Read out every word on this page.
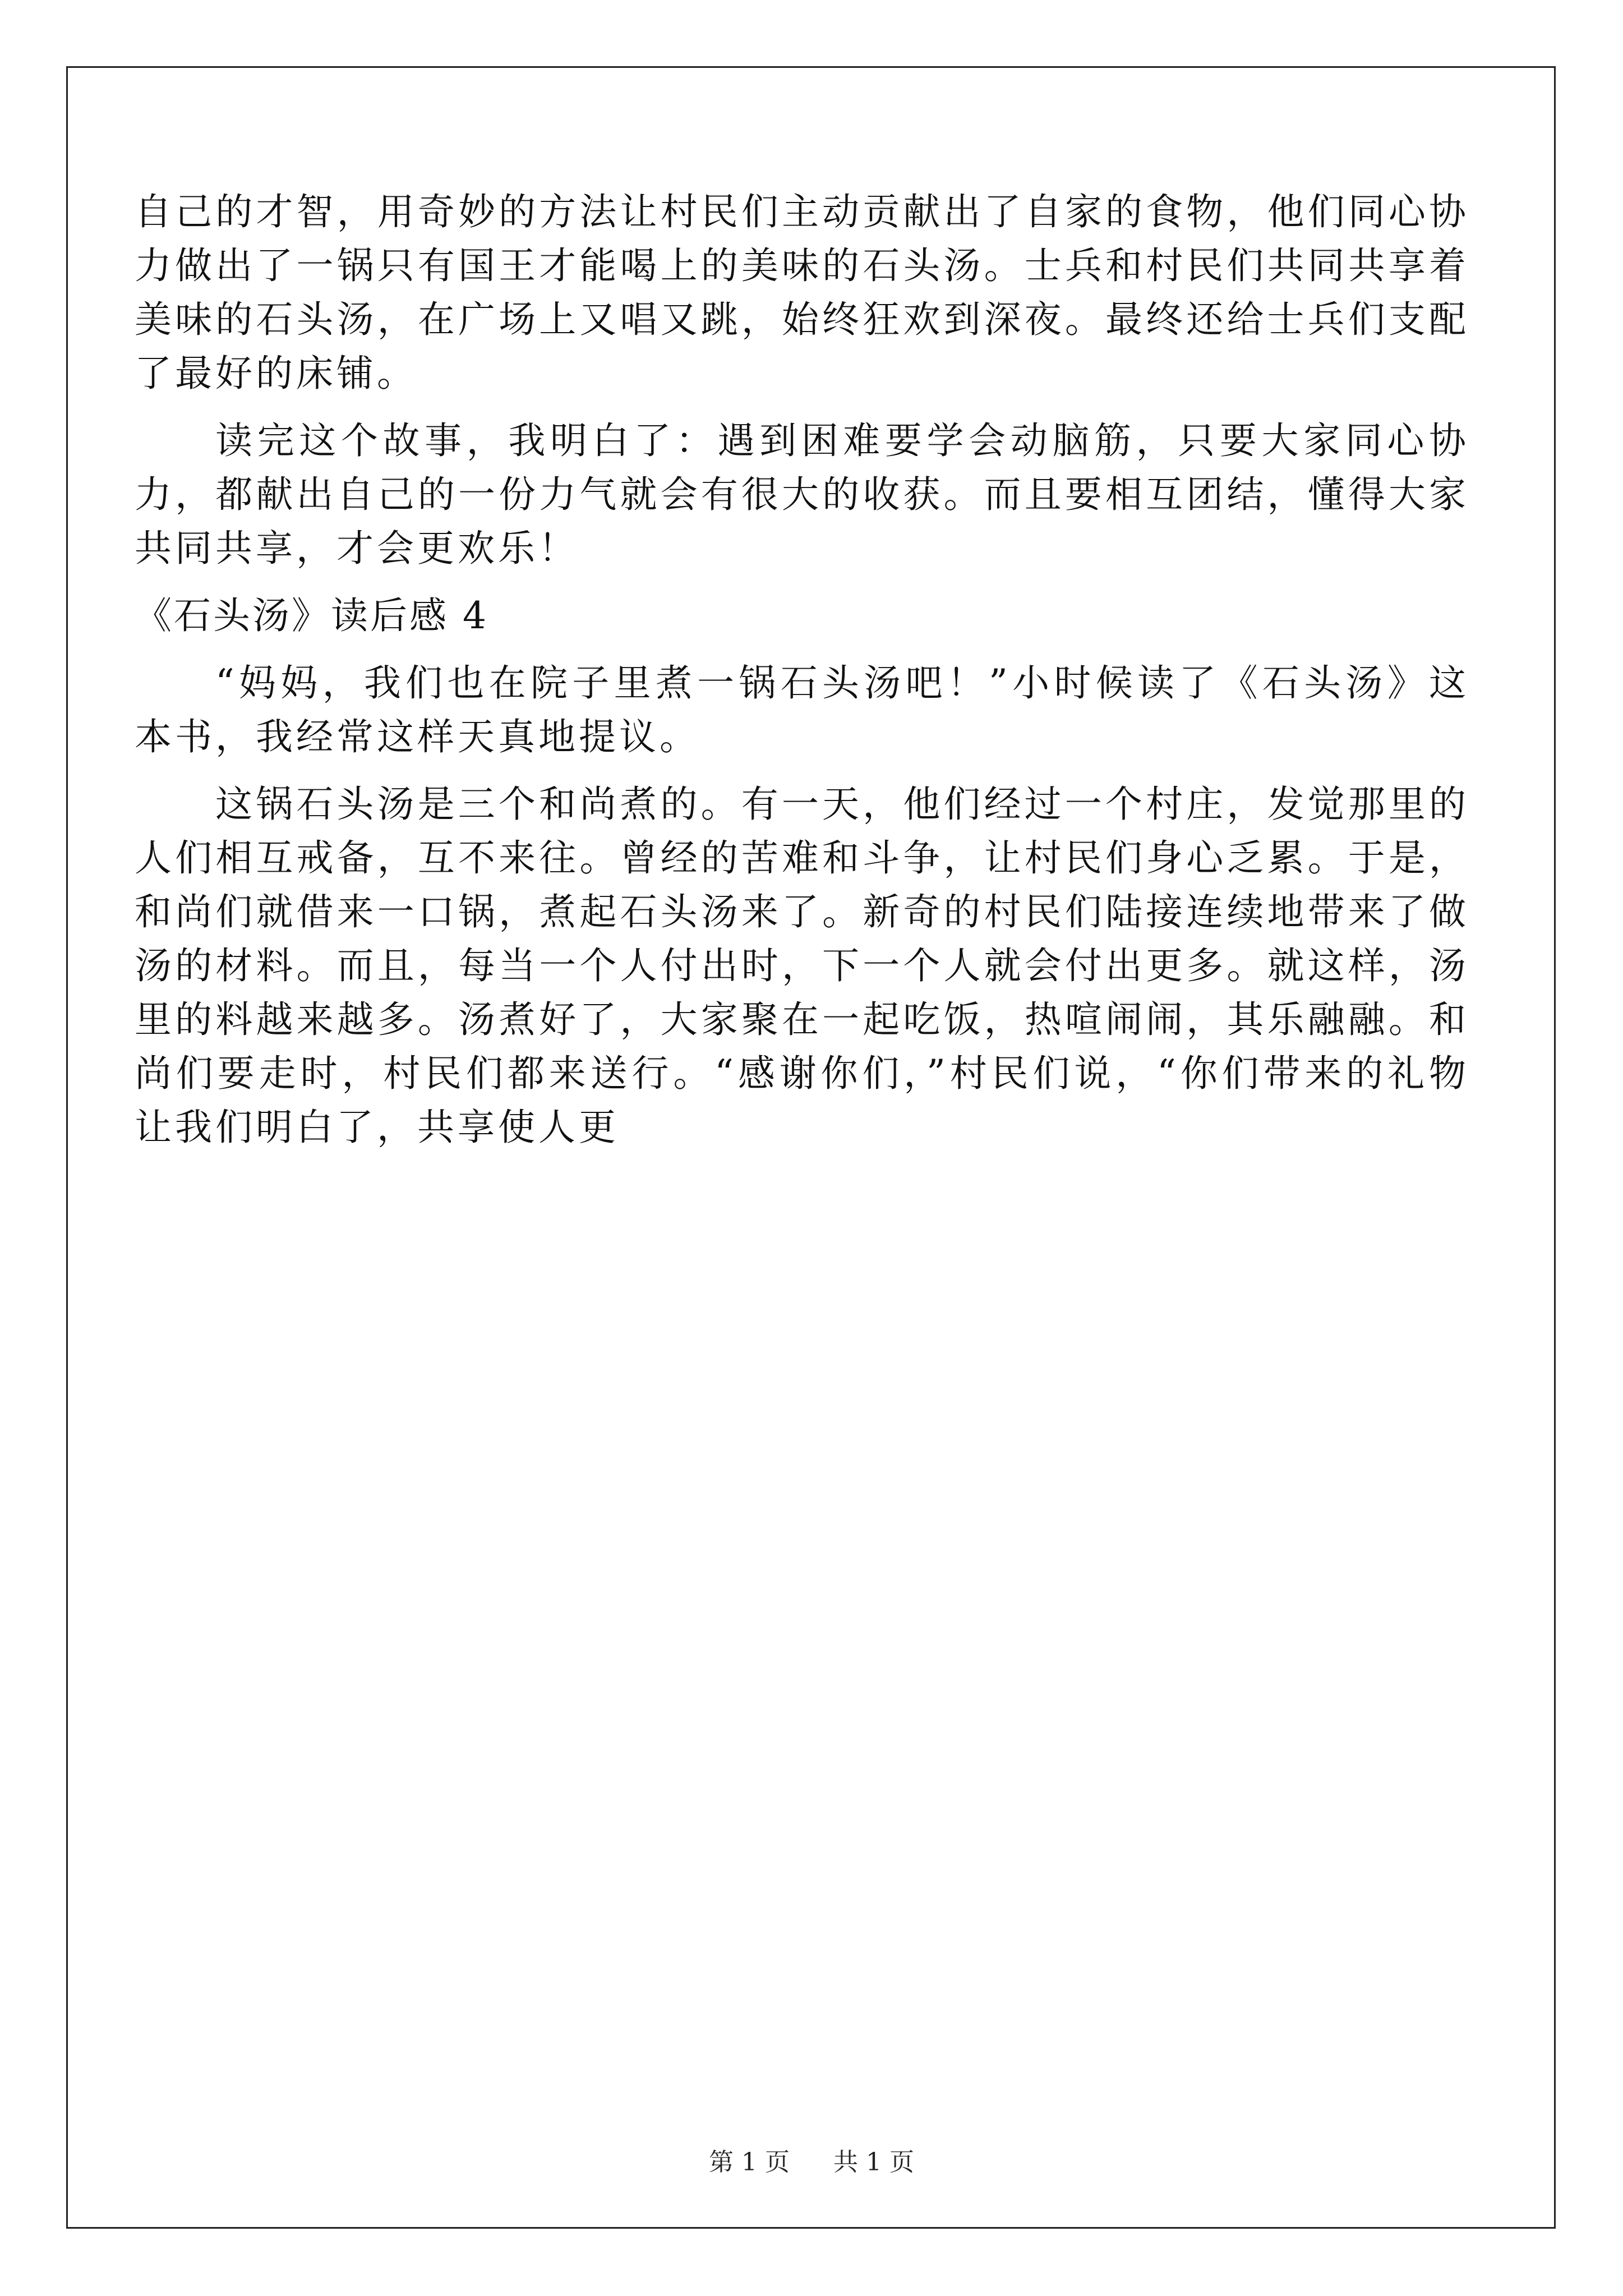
自己的才智，用奇妙的方法让村民们主动贡献出了自家的食物，他们同心协力做出了一锅只有国王才能喝上的美味的石头汤。士兵和村民们共同共享着美味的石头汤，在广场上又唱又跳，始终狂欢到深夜。最终还给士兵们支配了最好的床铺。

读完这个故事，我明白了：遇到困难要学会动脑筋，只要大家同心协力，都献出自己的一份力气就会有很大的收获。而且要相互团结，懂得大家共同共享，才会更欢乐！

《石头汤》读后感 4

“妈妈，我们也在院子里煮一锅石头汤吧！”小时候读了《石头汤》这本书，我经常这样天真地提议。

这锅石头汤是三个和尚煮的。有一天，他们经过一个村庄，发觉那里的人们相互戒备，互不来往。曾经的苦难和斗争，让村民们身心乏累。于是，和尚们就借来一口锅，煮起石头汤来了。新奇的村民们陆接连续地带来了做汤的材料。而且，每当一个人付出时，下一个人就会付出更多。就这样，汤里的料越来越多。汤煮好了，大家聚在一起吃饭，热喧闹闹，其乐融融。和尚们要走时，村民们都来送行。“感谢你们，”村民们说，“你们带来的礼物让我们明白了，共享使人更

第 1 页 共 1 页
